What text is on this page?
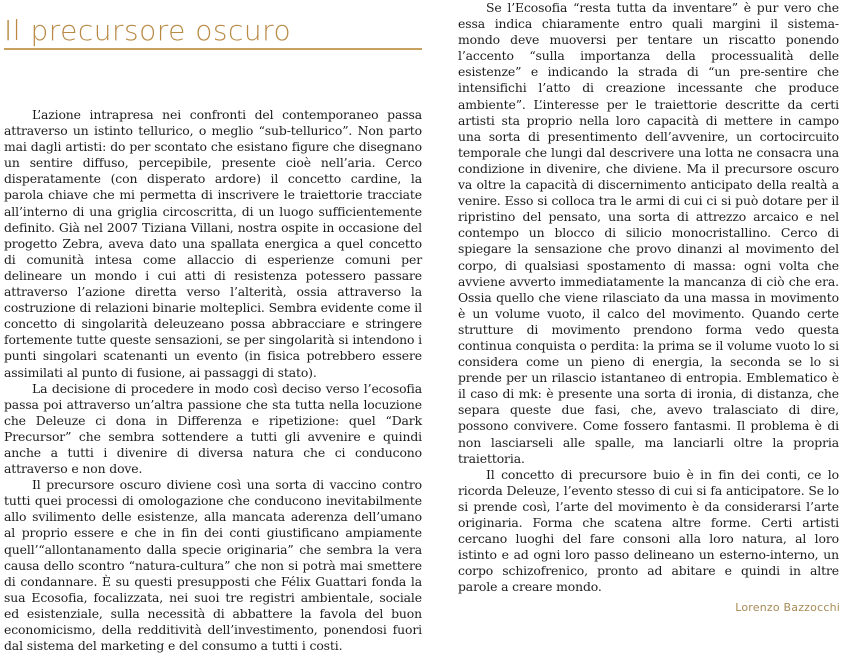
Il precursore oscuro

L’azione intrapresa nei confronti del contemporaneo passa attraverso un istinto tellurico, o meglio “sub-tellurico”. Non parto mai dagli artisti: do per scontato che esistano figure che disegnano un sentire diffuso, percepibile, presente cioè nell’aria. Cerco disperatamente (con disperato ardore) il concetto cardine, la parola chiave che mi permetta di inscrivere le traiettorie tracciate all’interno di una griglia circoscritta, di un luogo sufficientemente definito. Già nel 2007 Tiziana Villani, nostra ospite in occasione del progetto Zebra, aveva dato una spallata energica a quel concetto di comunità intesa come allaccio di esperienze comuni per delineare un mondo i cui atti di resistenza potessero passare attraverso l’azione diretta verso l’alterità, ossia attraverso la costruzione di relazioni binarie molteplici. Sembra evidente come il concetto di singolarità deleuzeano possa abbracciare e stringere fortemente tutte queste sensazioni, se per singolarità si intendono i punti singolari scatenanti un evento (in fisica potrebbero essere assimilati al punto di fusione, ai passaggi di stato).

La decisione di procedere in modo così deciso verso l’ecosofia passa poi attraverso un’altra passione che sta tutta nella locuzione che Deleuze ci dona in Differenza e ripetizione: quel “Dark Precursor” che sembra sottendere a tutti gli avvenire e quindi anche a tutti i divenire di diversa natura che ci conducono attraverso e non dove.

Il precursore oscuro diviene così una sorta di vaccino contro tutti quei processi di omologazione che conducono inevitabilmente allo svilimento delle esistenze, alla mancata aderenza dell’umano al proprio essere e che in fin dei conti giustificano ampiamente quell’“allontanamento dalla specie originaria” che sembra la vera causa dello scontro “natura-cultura” che non si potrà mai smettere di condannare. È su questi presupposti che Félix Guattari fonda la sua Ecosofia, focalizzata, nei suoi tre registri ambientale, sociale ed esistenziale, sulla necessità di abbattere la favola del buon economicismo, della redditività dell’investimento, ponendosi fuori dal sistema del marketing e del consumo a tutti i costi.

Se l’Ecosofia “resta tutta da inventare” è pur vero che essa indica chiaramente entro quali margini il sistema-mondo deve muoversi per tentare un riscatto ponendo l’accento “sulla importanza della processualità delle esistenze” e indicando la strada di “un pre-sentire che intensifichi l’atto di creazione incessante che produce ambiente”. L’interesse per le traiettorie descritte da certi artisti sta proprio nella loro capacità di mettere in campo una sorta di presentimento dell’avvenire, un cortocircuito temporale che lungi dal descrivere una lotta ne consacra una condizione in divenire, che diviene. Ma il precursore oscuro va oltre la capacità di discernimento anticipato della realtà a venire. Esso si colloca tra le armi di cui ci si può dotare per il ripristino del pensato, una sorta di attrezzo arcaico e nel contempo un blocco di silicio monocristallino. Cerco di spiegare la sensazione che provo dinanzi al movimento del corpo, di qualsiasi spostamento di massa: ogni volta che avviene avverto immediatamente la mancanza di ciò che era. Ossia quello che viene rilasciato da una massa in movimento è un volume vuoto, il calco del movimento. Quando certe strutture di movimento prendono forma vedo questa continua conquista o perdita: la prima se il volume vuoto lo si considera come un pieno di energia, la seconda se lo si prende per un rilascio istantaneo di entropia. Emblematico è il caso di mk: è presente una sorta di ironia, di distanza, che separa queste due fasi, che, avevo tralasciato di dire, possono convivere. Come fossero fantasmi. Il problema è di non lasciarseli alle spalle, ma lanciarli oltre la propria traiettoria.

Il concetto di precursore buio è in fin dei conti, ce lo ricorda Deleuze, l’evento stesso di cui si fa anticipatore. Se lo si prende così, l’arte del movimento è da considerarsi l’arte originaria. Forma che scatena altre forme. Certi artisti cercano luoghi del fare consoni alla loro natura, al loro istinto e ad ogni loro passo delineano un esterno-interno, un corpo schizofrenico, pronto ad abitare e quindi in altre parole a creare mondo.

Lorenzo Bazzocchi
